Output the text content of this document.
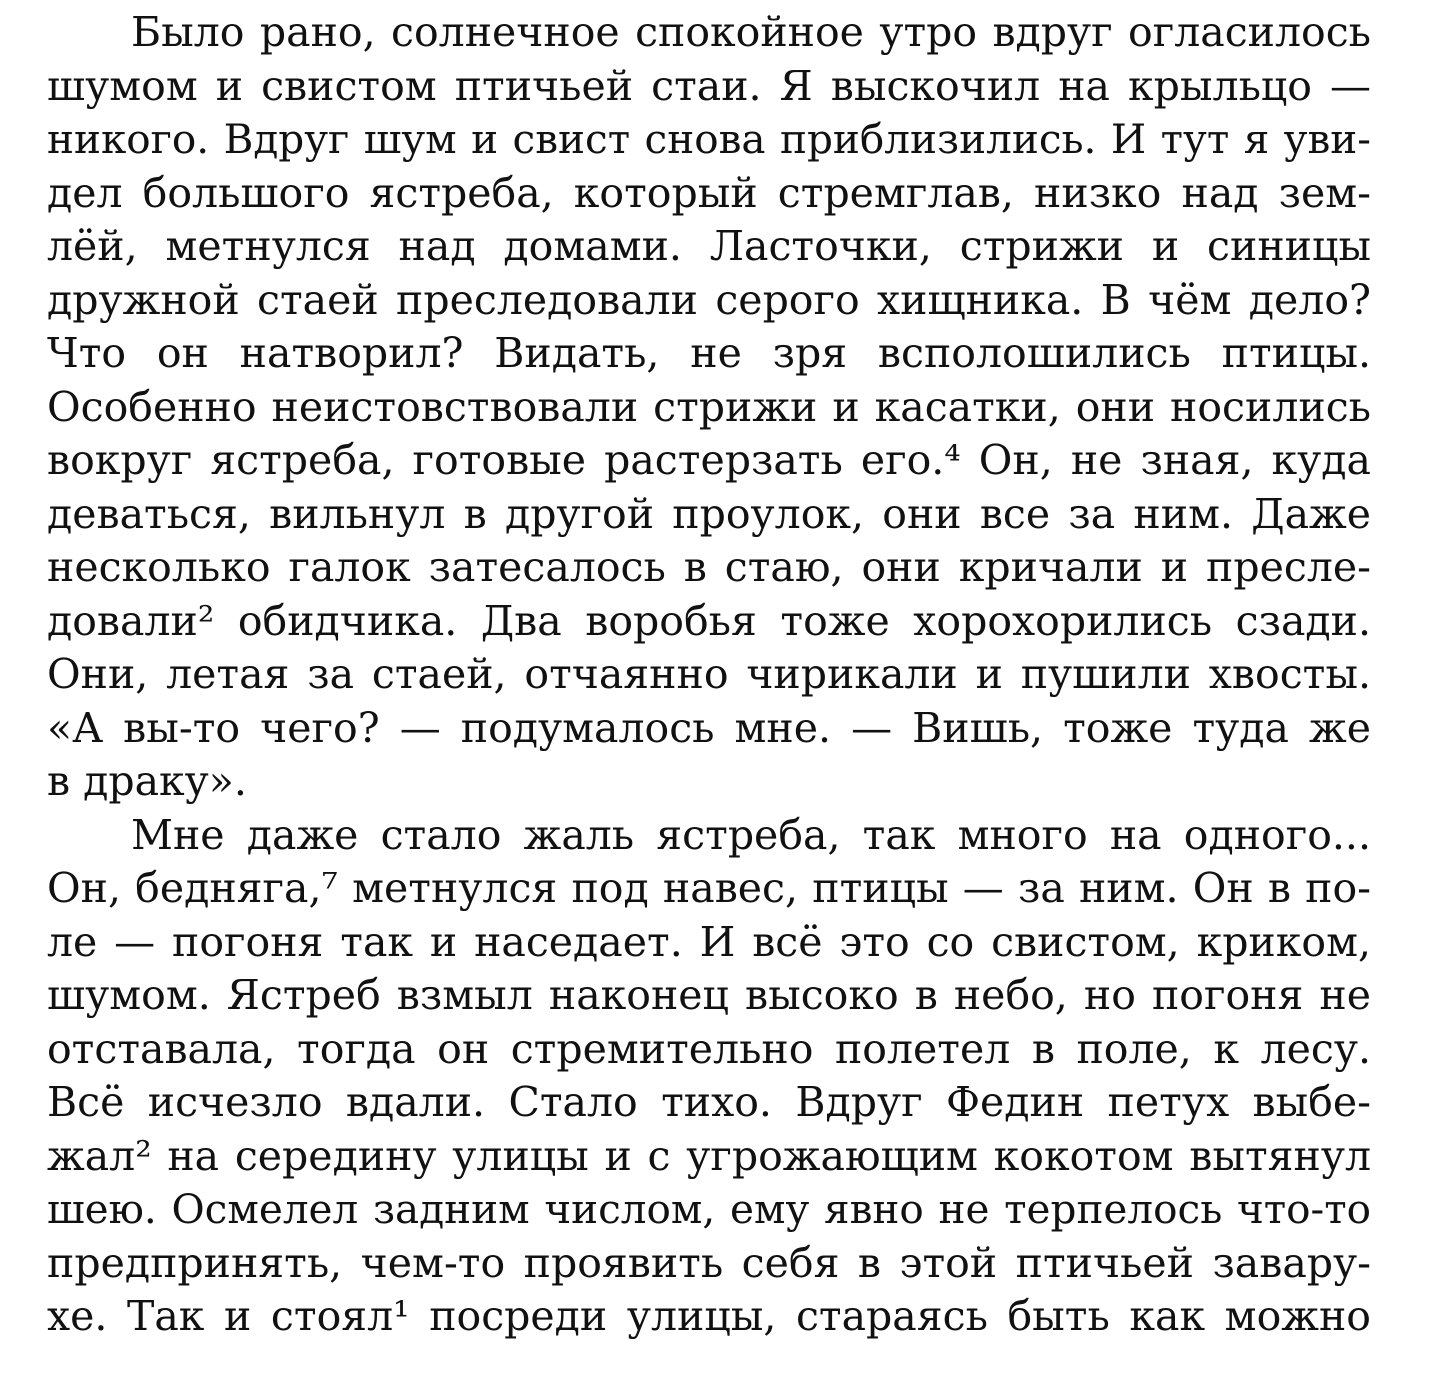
Было рано, солнечное спокойное утро вдруг огласилось
шумом и свистом птичьей стаи. Я выскочил на крыльцо —
никого. Вдруг шум и свист снова приблизились. И тут я уви-
дел большого ястреба, который стремглав, низко над зем-
лёй, метнулся над домами. Ласточки, стрижи и синицы
дружной стаей преследовали серого хищника. В чём дело?
Что он натворил? Видать, не зря всполошились птицы.
Особенно неистовствовали стрижи и касатки, они носились
вокруг ястреба, готовые растерзать его.⁴ Он, не зная, куда
деваться, вильнул в другой проулок, они все за ним. Даже
несколько галок затесалось в стаю, они кричали и пресле-
довали² обидчика. Два воробья тоже хорохорились сзади.
Они, летая за стаей, отчаянно чирикали и пушили хвосты.
«А вы-то чего? — подумалось мне. — Вишь, тоже туда же
в драку».
Мне даже стало жаль ястреба, так много на одного...
Он, бедняга,⁷ метнулся под навес, птицы — за ним. Он в по-
ле — погоня так и наседает. И всё это со свистом, криком,
шумом. Ястреб взмыл наконец высоко в небо, но погоня не
отставала, тогда он стремительно полетел в поле, к лесу.
Всё исчезло вдали. Стало тихо. Вдруг Федин петух выбе-
жал² на середину улицы и с угрожающим кокотом вытянул
шею. Осмелел задним числом, ему явно не терпелось что-то
предпринять, чем-то проявить себя в этой птичьей завару-
хе. Так и стоял¹ посреди улицы, стараясь быть как можно
